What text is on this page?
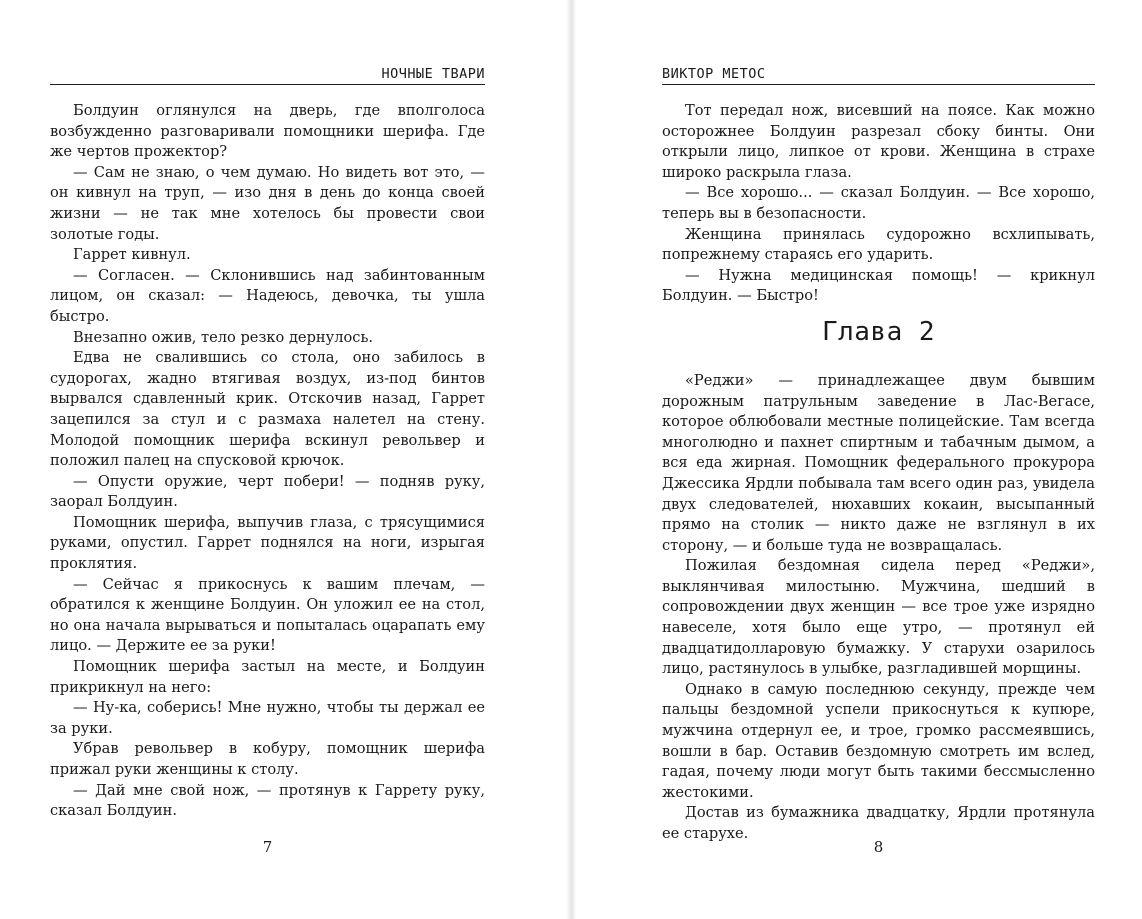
НОЧНЫЕ ТВАРИ

Болдуин оглянулся на дверь, где вполголоса возбужденно разговаривали помощники шерифа. Где же чертов прожектор?

— Сам не знаю, о чем думаю. Но видеть вот это, — он кивнул на труп, — изо дня в день до конца своей жизни — не так мне хотелось бы провести свои золотые годы.

Гаррет кивнул.

— Согласен. — Склонившись над забинтованным лицом, он сказал: — Надеюсь, девочка, ты ушла быстро.

Внезапно ожив, тело резко дернулось.

Едва не свалившись со стола, оно забилось в судорогах, жадно втягивая воздух, из-под бинтов вырвался сдавленный крик. Отскочив назад, Гаррет зацепился за стул и с размаха налетел на стену. Молодой помощник шерифа вскинул револьвер и положил палец на спусковой крючок.

— Опусти оружие, черт побери! — подняв руку, заорал Болдуин.

Помощник шерифа, выпучив глаза, с трясущимися руками, опустил. Гаррет поднялся на ноги, изрыгая проклятия.

— Сейчас я прикоснусь к вашим плечам, — обратился к женщине Болдуин. Он уложил ее на стол, но она начала вырываться и попыталась оцарапать ему лицо. — Держите ее за руки!

Помощник шерифа застыл на месте, и Болдуин прикрикнул на него:

— Ну-ка, соберись! Мне нужно, чтобы ты держал ее за руки.

Убрав револьвер в кобуру, помощник шерифа прижал руки женщины к столу.

— Дай мне свой нож, — протянув к Гаррету руку, сказал Болдуин.

7
ВИКТОР МЕТОС

Тот передал нож, висевший на поясе. Как можно осторожнее Болдуин разрезал сбоку бинты. Они открыли лицо, липкое от крови. Женщина в страхе широко раскрыла глаза.

— Все хорошо... — сказал Болдуин. — Все хорошо, теперь вы в безопасности.

Женщина принялась судорожно всхлипывать, попрежнему стараясь его ударить.

— Нужна медицинская помощь! — крикнул Болдуин. — Быстро!

Глава 2

«Реджи» — принадлежащее двум бывшим дорожным патрульным заведение в Лас-Вегасе, которое облюбовали местные полицейские. Там всегда многолюдно и пахнет спиртным и табачным дымом, а вся еда жирная. Помощник федерального прокурора Джессика Ярдли побывала там всего один раз, увидела двух следователей, нюхавших кокаин, высыпанный прямо на столик — никто даже не взглянул в их сторону, — и больше туда не возвращалась.

Пожилая бездомная сидела перед «Реджи», выклянчивая милостыню. Мужчина, шедший в сопровождении двух женщин — все трое уже изрядно навеселе, хотя было еще утро, — протянул ей двадцатидолларовую бумажку. У старухи озарилось лицо, растянулось в улыбке, разгладившей морщины.

Однако в самую последнюю секунду, прежде чем пальцы бездомной успели прикоснуться к купюре, мужчина отдернул ее, и трое, громко рассмеявшись, вошли в бар. Оставив бездомную смотреть им вслед, гадая, почему люди могут быть такими бессмысленно жестокими.

Достав из бумажника двадцатку, Ярдли протянула ее старухе.

8
